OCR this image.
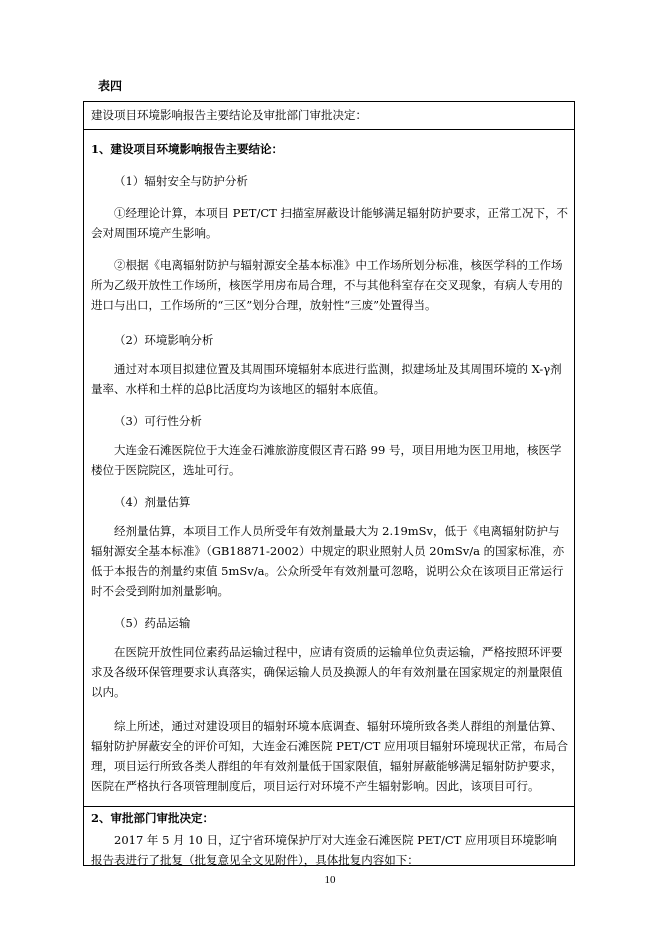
表四
建设项目环境影响报告主要结论及审批部门审批决定：
1、建设项目环境影响报告主要结论：
（1）辐射安全与防护分析
①经理论计算，本项目 PET/CT 扫描室屏蔽设计能够满足辐射防护要求，正常工况下，不会对周围环境产生影响。
②根据《电离辐射防护与辐射源安全基本标准》中工作场所划分标准，核医学科的工作场所为乙级开放性工作场所，核医学用房布局合理，不与其他科室存在交叉现象，有病人专用的进口与出口，工作场所的“三区”划分合理，放射性“三废”处置得当。
（2）环境影响分析
通过对本项目拟建位置及其周围环境辐射本底进行监测，拟建场址及其周围环境的 X-γ剂量率、水样和土样的总β比活度均为该地区的辐射本底值。
（3）可行性分析
大连金石滩医院位于大连金石滩旅游度假区青石路 99 号，项目用地为医卫用地，核医学楼位于医院院区，选址可行。
（4）剂量估算
经剂量估算，本项目工作人员所受年有效剂量最大为 2.19mSv，低于《电离辐射防护与辐射源安全基本标准》（GB18871-2002）中规定的职业照射人员 20mSv/a 的国家标准，亦低于本报告的剂量约束值 5mSv/a。公众所受年有效剂量可忽略，说明公众在该项目正常运行时不会受到附加剂量影响。
（5）药品运输
在医院开放性同位素药品运输过程中，应请有资质的运输单位负责运输，严格按照环评要求及各级环保管理要求认真落实，确保运输人员及换源人的年有效剂量在国家规定的剂量限值以内。
综上所述，通过对建设项目的辐射环境本底调查、辐射环境所致各类人群组的剂量估算、辐射防护屏蔽安全的评价可知，大连金石滩医院 PET/CT 应用项目辐射环境现状正常，布局合理，项目运行所致各类人群组的年有效剂量低于国家限值，辐射屏蔽能够满足辐射防护要求，医院在严格执行各项管理制度后，项目运行对环境不产生辐射影响。因此，该项目可行。
2、审批部门审批决定：
2017 年 5 月 10 日，辽宁省环境保护厅对大连金石滩医院 PET/CT 应用项目环境影响报告表进行了批复（批复意见全文见附件），具体批复内容如下：
10
